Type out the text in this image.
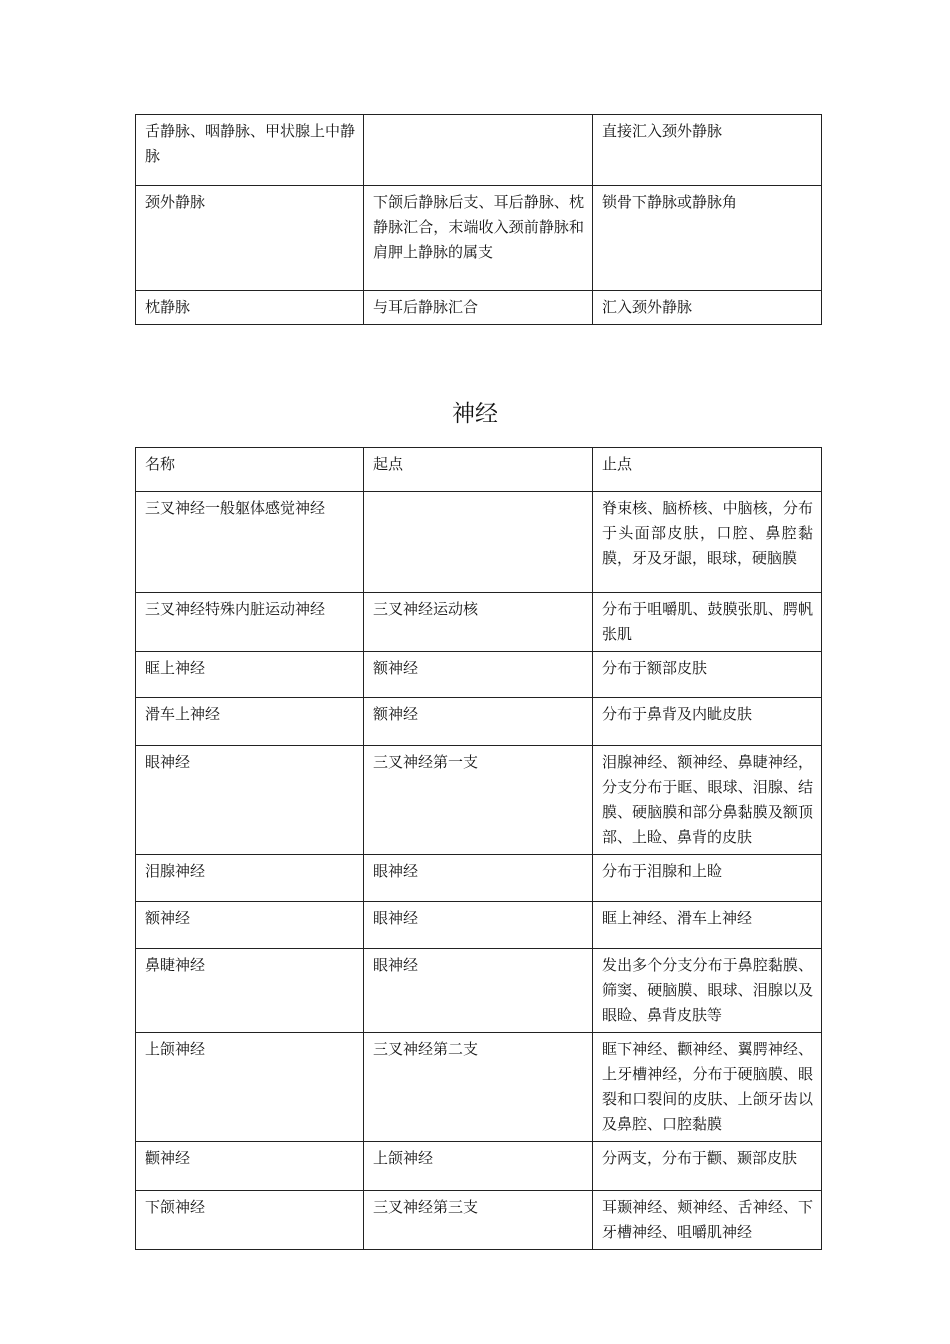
舌静脉、咽静脉、甲状腺上中静脉		直接汇入颈外静脉
颈外静脉	下颌后静脉后支、耳后静脉、枕静脉汇合，末端收入颈前静脉和肩胛上静脉的属支	锁骨下静脉或静脉角
枕静脉	与耳后静脉汇合	汇入颈外静脉
神经
名称	起点	止点
三叉神经一般躯体感觉神经		脊束核、脑桥核、中脑核，分布于头面部皮肤，口腔、鼻腔黏膜，牙及牙龈，眼球，硬脑膜
三叉神经特殊内脏运动神经	三叉神经运动核	分布于咀嚼肌、鼓膜张肌、腭帆张肌
眶上神经	额神经	分布于额部皮肤
滑车上神经	额神经	分布于鼻背及内眦皮肤
眼神经	三叉神经第一支	泪腺神经、额神经、鼻睫神经，分支分布于眶、眼球、泪腺、结膜、硬脑膜和部分鼻黏膜及额顶部、上睑、鼻背的皮肤
泪腺神经	眼神经	分布于泪腺和上睑
额神经	眼神经	眶上神经、滑车上神经
鼻睫神经	眼神经	发出多个分支分布于鼻腔黏膜、筛窦、硬脑膜、眼球、泪腺以及眼睑、鼻背皮肤等
上颌神经	三叉神经第二支	眶下神经、颧神经、翼腭神经、上牙槽神经，分布于硬脑膜、眼裂和口裂间的皮肤、上颌牙齿以及鼻腔、口腔黏膜
颧神经	上颌神经	分两支，分布于颧、颞部皮肤
下颌神经	三叉神经第三支	耳颞神经、颊神经、舌神经、下牙槽神经、咀嚼肌神经
